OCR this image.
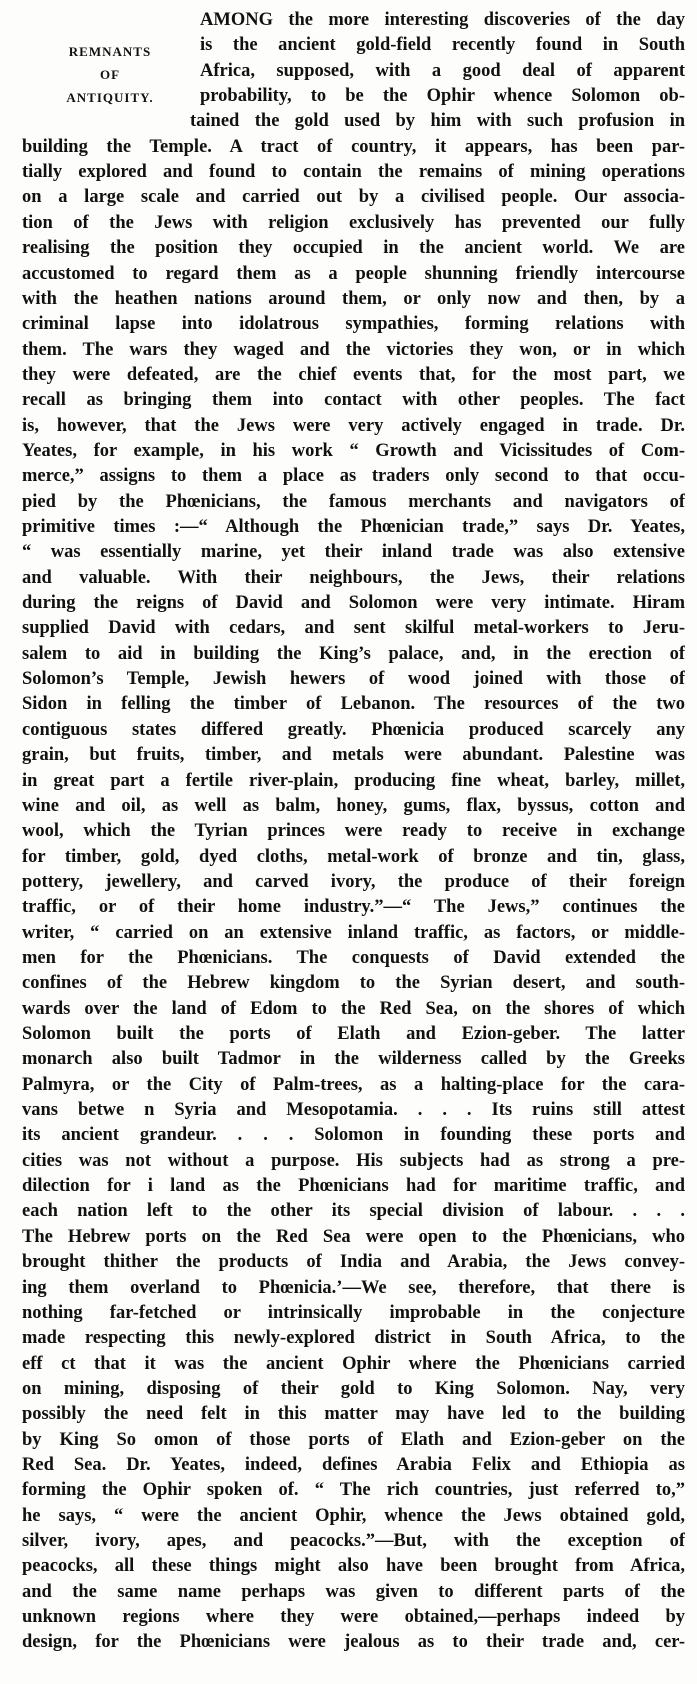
REMNANTS
OF
ANTIQUITY.
AMONG the more interesting discoveries of the day
is the ancient gold-field recently found in South
Africa, supposed, with a good deal of apparent
probability, to be the Ophir whence Solomon ob-
tained the gold used by him with such profusion in
building the Temple. A tract of country, it appears, has been par-
tially explored and found to contain the remains of mining operations
on a large scale and carried out by a civilised people. Our associa-
tion of the Jews with religion exclusively has prevented our fully
realising the position they occupied in the ancient world. We are
accustomed to regard them as a people shunning friendly intercourse
with the heathen nations around them, or only now and then, by a
criminal lapse into idolatrous sympathies, forming relations with
them. The wars they waged and the victories they won, or in which
they were defeated, are the chief events that, for the most part, we
recall as bringing them into contact with other peoples. The fact
is, however, that the Jews were very actively engaged in trade. Dr.
Yeates, for example, in his work “ Growth and Vicissitudes of Com-
merce,” assigns to them a place as traders only second to that occu-
pied by the Phœnicians, the famous merchants and navigators of
primitive times :—“ Although the Phœnician trade,” says Dr. Yeates,
“ was essentially marine, yet their inland trade was also extensive
and valuable. With their neighbours, the Jews, their relations
during the reigns of David and Solomon were very intimate. Hiram
supplied David with cedars, and sent skilful metal-workers to Jeru-
salem to aid in building the King’s palace, and, in the erection of
Solomon’s Temple, Jewish hewers of wood joined with those of
Sidon in felling the timber of Lebanon. The resources of the two
contiguous states differed greatly. Phœnicia produced scarcely any
grain, but fruits, timber, and metals were abundant. Palestine was
in great part a fertile river-plain, producing fine wheat, barley, millet,
wine and oil, as well as balm, honey, gums, flax, byssus, cotton and
wool, which the Tyrian princes were ready to receive in exchange
for timber, gold, dyed cloths, metal-work of bronze and tin, glass,
pottery, jewellery, and carved ivory, the produce of their foreign
traffic, or of their home industry.”—“ The Jews,” continues the
writer, “ carried on an extensive inland traffic, as factors, or middle-
men for the Phœnicians. The conquests of David extended the
confines of the Hebrew kingdom to the Syrian desert, and south-
wards over the land of Edom to the Red Sea, on the shores of which
Solomon built the ports of Elath and Ezion-geber. The latter
monarch also built Tadmor in the wilderness called by the Greeks
Palmyra, or the City of Palm-trees, as a halting-place for the cara-
vans betwe n Syria and Mesopotamia. . . . Its ruins still attest
its ancient grandeur. . . . Solomon in founding these ports and
cities was not without a purpose. His subjects had as strong a pre-
dilection for i land as the Phœnicians had for maritime traffic, and
each nation left to the other its special division of labour. . . .
The Hebrew ports on the Red Sea were open to the Phœnicians, who
brought thither the products of India and Arabia, the Jews convey-
ing them overland to Phœnicia.’—We see, therefore, that there is
nothing far-fetched or intrinsically improbable in the conjecture
made respecting this newly-explored district in South Africa, to the
eff ct that it was the ancient Ophir where the Phœnicians carried
on mining, disposing of their gold to King Solomon. Nay, very
possibly the need felt in this matter may have led to the building
by King So omon of those ports of Elath and Ezion-geber on the
Red Sea. Dr. Yeates, indeed, defines Arabia Felix and Ethiopia as
forming the Ophir spoken of. “ The rich countries, just referred to,”
he says, “ were the ancient Ophir, whence the Jews obtained gold,
silver, ivory, apes, and peacocks.”—But, with the exception of
peacocks, all these things might also have been brought from Africa,
and the same name perhaps was given to different parts of the
unknown regions where they were obtained,—perhaps indeed by
design, for the Phœnicians were jealous as to their trade and, cer-
